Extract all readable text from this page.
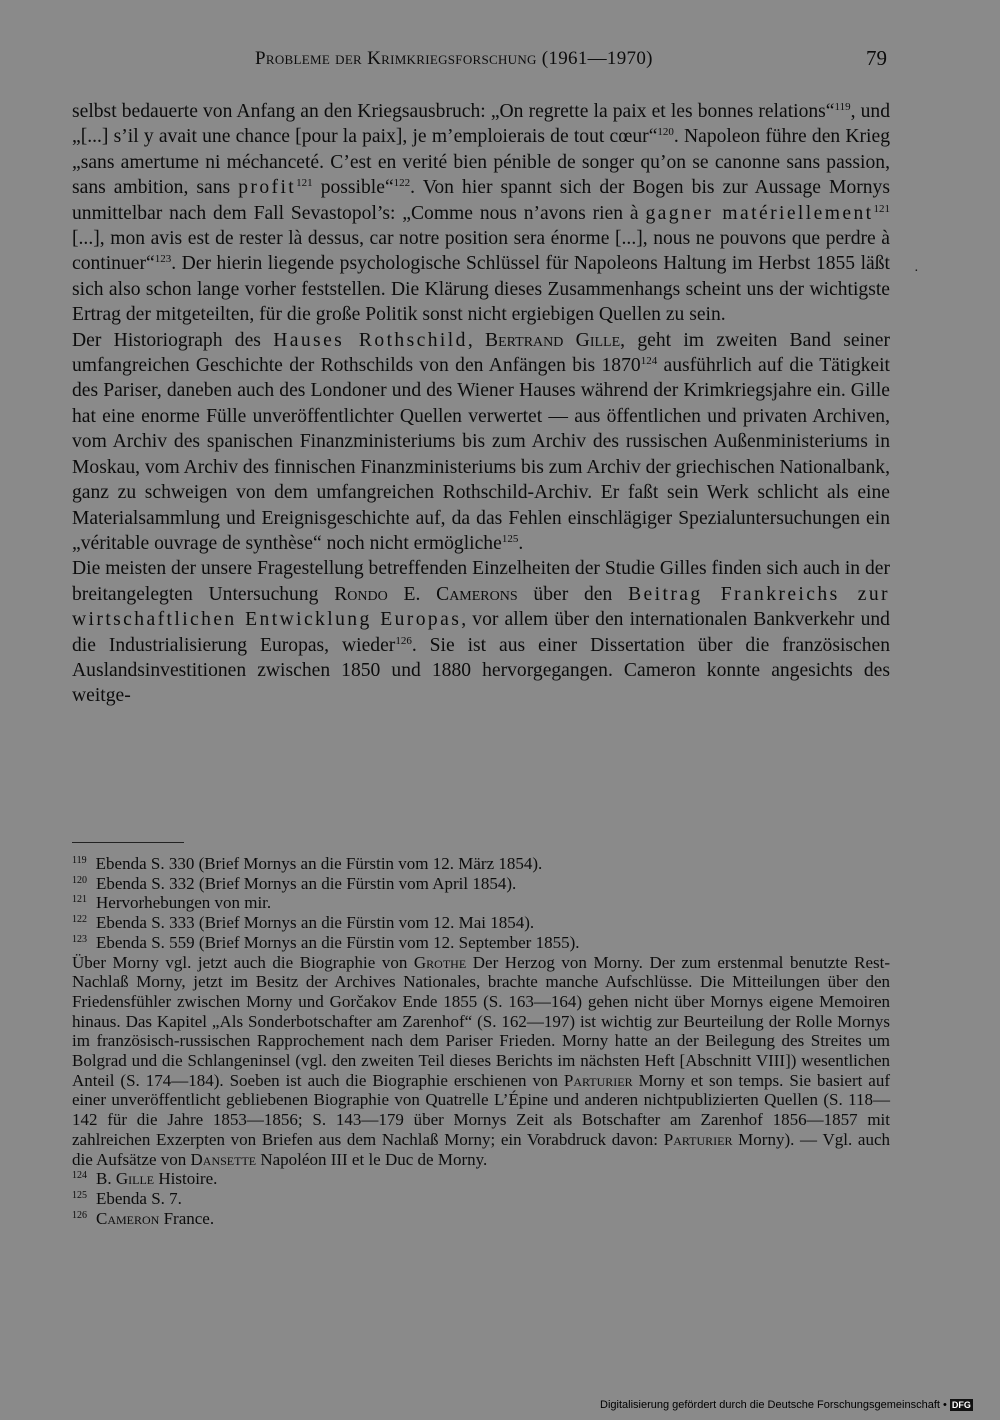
Probleme der Krimkriegsforschung (1961—1970)	79
·

selbst bedauerte von Anfang an den Kriegsausbruch: „On regrette la paix et les bonnes relations“$^{119}$, und „[...] s’il y avait une chance [pour la paix], je m’emploierais de tout cœur“$^{120}$. Napoleon führe den Krieg „sans amertume ni méchanceté. C’est en verité bien pénible de songer qu’on se canonne sans passion, sans ambition, sans profit$^{121}$ possible“$^{122}$. Von hier spannt sich der Bogen bis zur Aussage Mornys unmittelbar nach dem Fall Sevastopol’s: „Comme nous n’avons rien à gagner matériellement$^{121}$ [...], mon avis est de rester là dessus, car notre position sera énorme [...], nous ne pouvons que perdre à continuer“$^{123}$. Der hierin liegende psychologische Schlüssel für Napoleons Haltung im Herbst 1855 läßt sich also schon lange vorher feststellen. Die Klärung dieses Zusammenhangs scheint uns der wichtigste Ertrag der mitgeteilten, für die große Politik sonst nicht ergiebigen Quellen zu sein.

Der Historiograph des Hauses Rothschild, Bertrand Gille, geht im zweiten Band seiner umfangreichen Geschichte der Rothschilds von den Anfängen bis 1870$^{124}$ ausführlich auf die Tätigkeit des Pariser, daneben auch des Londoner und des Wiener Hauses während der Krimkriegsjahre ein. Gille hat eine enorme Fülle unveröffentlichter Quellen verwertet — aus öffentlichen und privaten Archiven, vom Archiv des spanischen Finanzministeriums bis zum Archiv des russischen Außenministeriums in Moskau, vom Archiv des finnischen Finanzministeriums bis zum Archiv der griechischen Nationalbank, ganz zu schweigen von dem umfangreichen Rothschild-Archiv. Er faßt sein Werk schlicht als eine Materialsammlung und Ereignisgeschichte auf, da das Fehlen einschlägiger Spezialuntersuchungen ein „véritable ouvrage de synthèse“ noch nicht ermögliche$^{125}$.

Die meisten der unsere Fragestellung betreffenden Einzelheiten der Studie Gilles finden sich auch in der breitangelegten Untersuchung Rondo E. Camerons über den Beitrag Frankreichs zur wirtschaftlichen Entwicklung Europas, vor allem über den internationalen Bankverkehr und die Industrialisierung Europas, wieder$^{126}$. Sie ist aus einer Dissertation über die französischen Auslandsinvestitionen zwischen 1850 und 1880 hervorgegangen. Cameron konnte angesichts des weitge-

$^{119}$ Ebenda S. 330 (Brief Mornys an die Fürstin vom 12. März 1854).

$^{120}$ Ebenda S. 332 (Brief Mornys an die Fürstin vom April 1854).

$^{121}$ Hervorhebungen von mir.

$^{122}$ Ebenda S. 333 (Brief Mornys an die Fürstin vom 12. Mai 1854).

$^{123}$ Ebenda S. 559 (Brief Mornys an die Fürstin vom 12. September 1855).

Über Morny vgl. jetzt auch die Biographie von Grothe Der Herzog von Morny. Der zum erstenmal benutzte Rest-Nachlaß Morny, jetzt im Besitz der Archives Nationales, brachte manche Aufschlüsse. Die Mitteilungen über den Friedensfühler zwischen Morny und Gorčakov Ende 1855 (S. 163—164) gehen nicht über Mornys eigene Memoiren hinaus. Das Kapitel „Als Sonderbotschafter am Zarenhof“ (S. 162—197) ist wichtig zur Beurteilung der Rolle Mornys im französisch-russischen Rapprochement nach dem Pariser Frieden. Morny hatte an der Beilegung des Streites um Bolgrad und die Schlangeninsel (vgl. den zweiten Teil dieses Berichts im nächsten Heft [Abschnitt VIII]) wesentlichen Anteil (S. 174—184). Soeben ist auch die Biographie erschienen von Parturier Morny et son temps. Sie basiert auf einer unveröffentlicht gebliebenen Biographie von Quatrelle L’Épine und anderen nichtpublizierten Quellen (S. 118—142 für die Jahre 1853—1856; S. 143—179 über Mornys Zeit als Botschafter am Zarenhof 1856—1857 mit zahlreichen Exzerpten von Briefen aus dem Nachlaß Morny; ein Vorabdruck davon: Parturier Morny). — Vgl. auch die Aufsätze von Dansette Napoléon III et le Duc de Morny.

$^{124}$ B. Gille Histoire.

$^{125}$ Ebenda S. 7.

$^{126}$ Cameron France.

Digitalisierung gefördert durch die Deutsche Forschungsgemeinschaft • DFG
